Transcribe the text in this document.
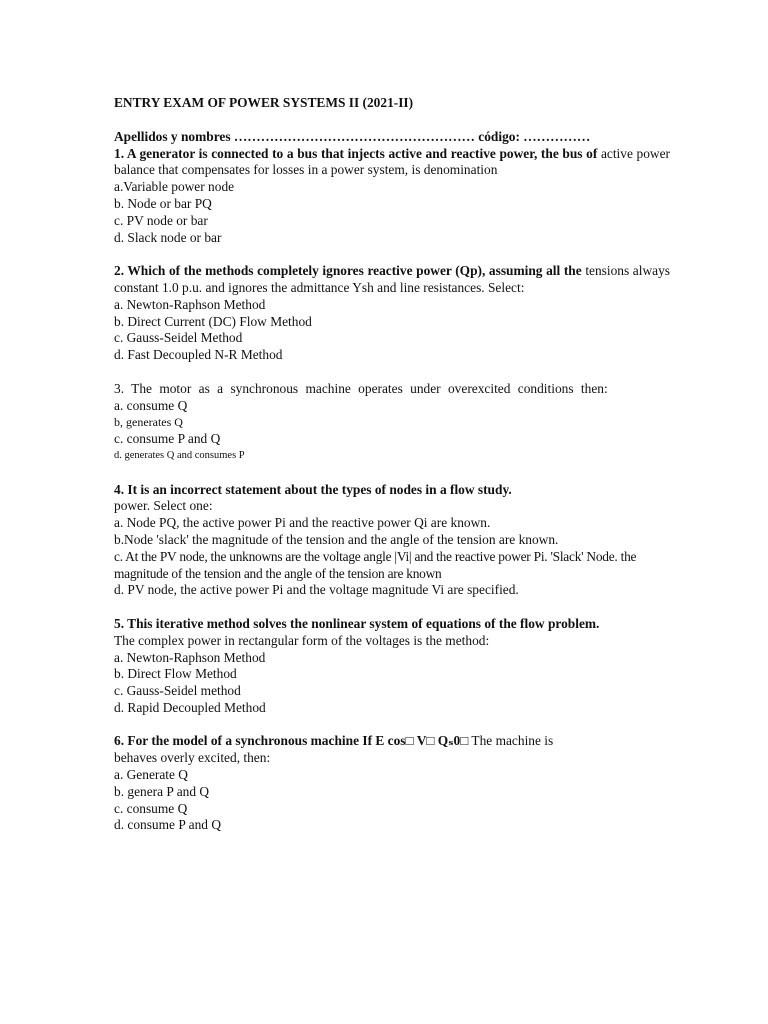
ENTRY EXAM OF POWER SYSTEMS II (2021-II)
Apellidos y nombres ……………………………………………… código: ……………
1. A generator is connected to a bus that injects active and reactive power, the bus of active power balance that compensates for losses in a power system, is denomination
a.Variable power node
b. Node or bar PQ
c. PV node or bar
d. Slack node or bar
2. Which of the methods completely ignores reactive power (Qp), assuming all the tensions always constant 1.0 p.u. and ignores the admittance Ysh and line resistances. Select:
a. Newton-Raphson Method
b. Direct Current (DC) Flow Method
c. Gauss-Seidel Method
d. Fast Decoupled N-R Method
3. The motor as a synchronous machine operates under overexcited conditions then:
a. consume Q
b, generates Q
c. consume P and Q
d. generates Q and consumes P
4. It is an incorrect statement about the types of nodes in a flow study.
power. Select one:
a. Node PQ, the active power Pi and the reactive power Qi are known.
b.Node 'slack' the magnitude of the tension and the angle of the tension are known.
c. At the PV node, the unknowns are the voltage angle |Vi| and the reactive power Pi. 'Slack' Node. the magnitude of the tension and the angle of the tension are known
d. PV node, the active power Pi and the voltage magnitude Vi are specified.
5. This iterative method solves the nonlinear system of equations of the flow problem.
The complex power in rectangular form of the voltages is the method:
a. Newton-Raphson Method
b. Direct Flow Method
c. Gauss-Seidel method
d. Rapid Decoupled Method
6. For the model of a synchronous machine If E cos□ V□ Qₛ0□ The machine is
behaves overly excited, then:
a. Generate Q
b. genera P and Q
c. consume Q
d. consume P and Q
